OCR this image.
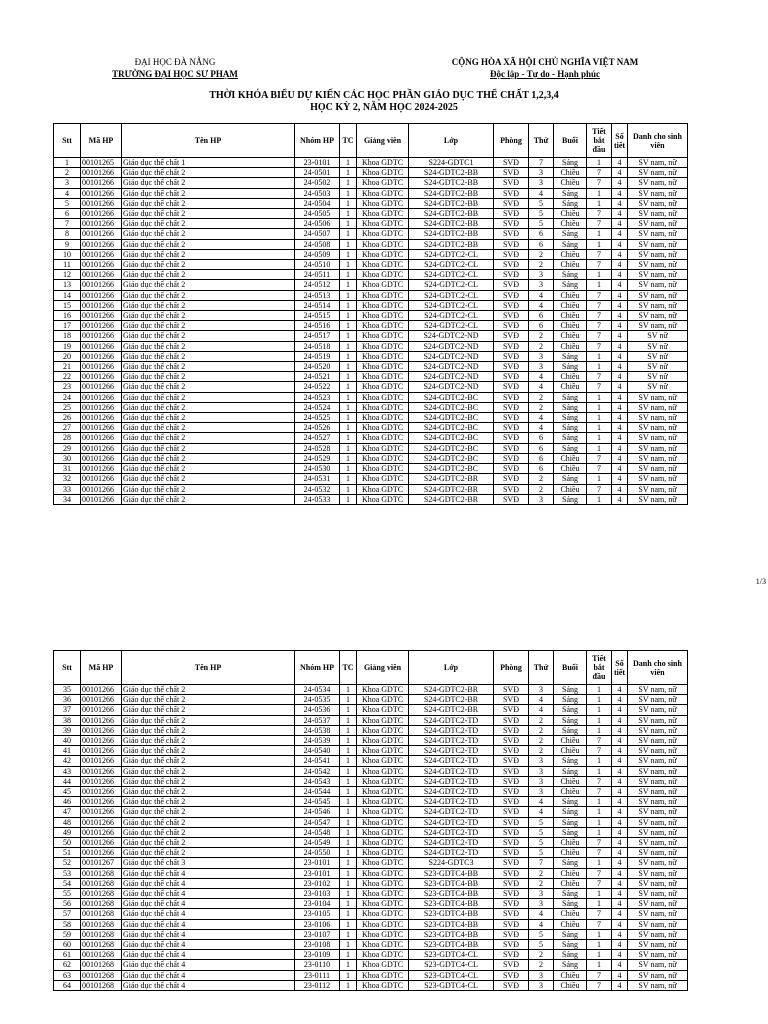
ĐẠI HỌC ĐÀ NẴNG
TRƯỜNG ĐẠI HỌC SƯ PHẠM
CỘNG HÒA XÃ HỘI CHỦ NGHĨA VIỆT NAM
Độc lập - Tự do - Hạnh phúc
THỜI KHÓA BIỂU DỰ KIẾN CÁC HỌC PHẦN GIÁO DỤC THỂ CHẤT 1,2,3,4
HỌC KỲ 2, NĂM HỌC 2024-2025
Stt	Mã HP	Tên HP	Nhóm HP	TC	Giảng viên	Lớp	Phòng	Thứ	Buổi	Tiết bắt đầu	Số tiết	Danh cho sinh viên
1	00101265	Giáo dục thể chất 1	23-0101	1	Khoa GDTC	S224-GDTC1	SVĐ	7	Sáng	1	4	SV nam, nữ
2	00101266	Giáo dục thể chất 2	24-0501	1	Khoa GDTC	S24-GDTC2-BB	SVĐ	3	Chiều	7	4	SV nam, nữ
3	00101266	Giáo dục thể chất 2	24-0502	1	Khoa GDTC	S24-GDTC2-BB	SVĐ	3	Chiều	7	4	SV nam, nữ
4	00101266	Giáo dục thể chất 2	24-0503	1	Khoa GDTC	S24-GDTC2-BB	SVĐ	4	Sáng	1	4	SV nam, nữ
5	00101266	Giáo dục thể chất 2	24-0504	1	Khoa GDTC	S24-GDTC2-BB	SVĐ	5	Sáng	1	4	SV nam, nữ
6	00101266	Giáo dục thể chất 2	24-0505	1	Khoa GDTC	S24-GDTC2-BB	SVĐ	5	Chiều	7	4	SV nam, nữ
7	00101266	Giáo dục thể chất 2	24-0506	1	Khoa GDTC	S24-GDTC2-BB	SVĐ	5	Chiều	7	4	SV nam, nữ
8	00101266	Giáo dục thể chất 2	24-0507	1	Khoa GDTC	S24-GDTC2-BB	SVĐ	6	Sáng	1	4	SV nam, nữ
9	00101266	Giáo dục thể chất 2	24-0508	1	Khoa GDTC	S24-GDTC2-BB	SVĐ	6	Sáng	1	4	SV nam, nữ
10	00101266	Giáo dục thể chất 2	24-0509	1	Khoa GDTC	S24-GDTC2-CL	SVĐ	2	Chiều	7	4	SV nam, nữ
11	00101266	Giáo dục thể chất 2	24-0510	1	Khoa GDTC	S24-GDTC2-CL	SVĐ	2	Chiều	7	4	SV nam, nữ
12	00101266	Giáo dục thể chất 2	24-0511	1	Khoa GDTC	S24-GDTC2-CL	SVĐ	3	Sáng	1	4	SV nam, nữ
13	00101266	Giáo dục thể chất 2	24-0512	1	Khoa GDTC	S24-GDTC2-CL	SVĐ	3	Sáng	1	4	SV nam, nữ
14	00101266	Giáo dục thể chất 2	24-0513	1	Khoa GDTC	S24-GDTC2-CL	SVĐ	4	Chiều	7	4	SV nam, nữ
15	00101266	Giáo dục thể chất 2	24-0514	1	Khoa GDTC	S24-GDTC2-CL	SVĐ	4	Chiều	7	4	SV nam, nữ
16	00101266	Giáo dục thể chất 2	24-0515	1	Khoa GDTC	S24-GDTC2-CL	SVĐ	6	Chiều	7	4	SV nam, nữ
17	00101266	Giáo dục thể chất 2	24-0516	1	Khoa GDTC	S24-GDTC2-CL	SVĐ	6	Chiều	7	4	SV nam, nữ
18	00101266	Giáo dục thể chất 2	24-0517	1	Khoa GDTC	S24-GDTC2-ND	SVĐ	2	Chiều	7	4	SV nữ
19	00101266	Giáo dục thể chất 2	24-0518	1	Khoa GDTC	S24-GDTC2-ND	SVĐ	2	Chiều	7	4	SV nữ
20	00101266	Giáo dục thể chất 2	24-0519	1	Khoa GDTC	S24-GDTC2-ND	SVĐ	3	Sáng	1	4	SV nữ
21	00101266	Giáo dục thể chất 2	24-0520	1	Khoa GDTC	S24-GDTC2-ND	SVĐ	3	Sáng	1	4	SV nữ
22	00101266	Giáo dục thể chất 2	24-0521	1	Khoa GDTC	S24-GDTC2-ND	SVĐ	4	Chiều	7	4	SV nữ
23	00101266	Giáo dục thể chất 2	24-0522	1	Khoa GDTC	S24-GDTC2-ND	SVĐ	4	Chiều	7	4	SV nữ
24	00101266	Giáo dục thể chất 2	24-0523	1	Khoa GDTC	S24-GDTC2-BC	SVĐ	2	Sáng	1	4	SV nam, nữ
25	00101266	Giáo dục thể chất 2	24-0524	1	Khoa GDTC	S24-GDTC2-BC	SVĐ	2	Sáng	1	4	SV nam, nữ
26	00101266	Giáo dục thể chất 2	24-0525	1	Khoa GDTC	S24-GDTC2-BC	SVĐ	4	Sáng	1	4	SV nam, nữ
27	00101266	Giáo dục thể chất 2	24-0526	1	Khoa GDTC	S24-GDTC2-BC	SVĐ	4	Sáng	1	4	SV nam, nữ
28	00101266	Giáo dục thể chất 2	24-0527	1	Khoa GDTC	S24-GDTC2-BC	SVĐ	6	Sáng	1	4	SV nam, nữ
29	00101266	Giáo dục thể chất 2	24-0528	1	Khoa GDTC	S24-GDTC2-BC	SVĐ	6	Sáng	1	4	SV nam, nữ
30	00101266	Giáo dục thể chất 2	24-0529	1	Khoa GDTC	S24-GDTC2-BC	SVĐ	6	Chiều	7	4	SV nam, nữ
31	00101266	Giáo dục thể chất 2	24-0530	1	Khoa GDTC	S24-GDTC2-BC	SVĐ	6	Chiều	7	4	SV nam, nữ
32	00101266	Giáo dục thể chất 2	24-0531	1	Khoa GDTC	S24-GDTC2-BR	SVĐ	2	Sáng	1	4	SV nam, nữ
33	00101266	Giáo dục thể chất 2	24-0532	1	Khoa GDTC	S24-GDTC2-BR	SVĐ	2	Chiều	7	4	SV nam, nữ
34	00101266	Giáo dục thể chất 2	24-0533	1	Khoa GDTC	S24-GDTC2-BR	SVĐ	3	Sáng	1	4	SV nam, nữ
1/3
Stt	Mã HP	Tên HP	Nhóm HP	TC	Giảng viên	Lớp	Phòng	Thứ	Buổi	Tiết bắt đầu	Số tiết	Danh cho sinh viên
35	00101266	Giáo dục thể chất 2	24-0534	1	Khoa GDTC	S24-GDTC2-BR	SVĐ	3	Sáng	1	4	SV nam, nữ
36	00101266	Giáo dục thể chất 2	24-0535	1	Khoa GDTC	S24-GDTC2-BR	SVĐ	4	Sáng	1	4	SV nam, nữ
37	00101266	Giáo dục thể chất 2	24-0536	1	Khoa GDTC	S24-GDTC2-BR	SVĐ	4	Sáng	1	4	SV nam, nữ
38	00101266	Giáo dục thể chất 2	24-0537	1	Khoa GDTC	S24-GDTC2-TD	SVĐ	2	Sáng	1	4	SV nam, nữ
39	00101266	Giáo dục thể chất 2	24-0538	1	Khoa GDTC	S24-GDTC2-TD	SVĐ	2	Sáng	1	4	SV nam, nữ
40	00101266	Giáo dục thể chất 2	24-0539	1	Khoa GDTC	S24-GDTC2-TD	SVĐ	2	Chiều	7	4	SV nam, nữ
41	00101266	Giáo dục thể chất 2	24-0540	1	Khoa GDTC	S24-GDTC2-TD	SVĐ	2	Chiều	7	4	SV nam, nữ
42	00101266	Giáo dục thể chất 2	24-0541	1	Khoa GDTC	S24-GDTC2-TD	SVĐ	3	Sáng	1	4	SV nam, nữ
43	00101266	Giáo dục thể chất 2	24-0542	1	Khoa GDTC	S24-GDTC2-TD	SVĐ	3	Sáng	1	4	SV nam, nữ
44	00101266	Giáo dục thể chất 2	24-0543	1	Khoa GDTC	S24-GDTC2-TD	SVĐ	3	Chiều	7	4	SV nam, nữ
45	00101266	Giáo dục thể chất 2	24-0544	1	Khoa GDTC	S24-GDTC2-TD	SVĐ	3	Chiều	7	4	SV nam, nữ
46	00101266	Giáo dục thể chất 2	24-0545	1	Khoa GDTC	S24-GDTC2-TD	SVĐ	4	Sáng	1	4	SV nam, nữ
47	00101266	Giáo dục thể chất 2	24-0546	1	Khoa GDTC	S24-GDTC2-TD	SVĐ	4	Sáng	1	4	SV nam, nữ
48	00101266	Giáo dục thể chất 2	24-0547	1	Khoa GDTC	S24-GDTC2-TD	SVĐ	5	Sáng	1	4	SV nam, nữ
49	00101266	Giáo dục thể chất 2	24-0548	1	Khoa GDTC	S24-GDTC2-TD	SVĐ	5	Sáng	1	4	SV nam, nữ
50	00101266	Giáo dục thể chất 2	24-0549	1	Khoa GDTC	S24-GDTC2-TD	SVĐ	5	Chiều	7	4	SV nam, nữ
51	00101266	Giáo dục thể chất 2	24-0550	1	Khoa GDTC	S24-GDTC2-TD	SVĐ	5	Chiều	7	4	SV nam, nữ
52	00101267	Giáo dục thể chất 3	23-0101	1	Khoa GDTC	S224-GDTC3	SVĐ	7	Sáng	1	4	SV nam, nữ
53	00101268	Giáo dục thể chất 4	23-0101	1	Khoa GDTC	S23-GDTC4-BB	SVĐ	2	Chiều	7	4	SV nam, nữ
54	00101268	Giáo dục thể chất 4	23-0102	1	Khoa GDTC	S23-GDTC4-BB	SVĐ	2	Chiều	7	4	SV nam, nữ
55	00101268	Giáo dục thể chất 4	23-0103	1	Khoa GDTC	S23-GDTC4-BB	SVĐ	3	Sáng	1	4	SV nam, nữ
56	00101268	Giáo dục thể chất 4	23-0104	1	Khoa GDTC	S23-GDTC4-BB	SVĐ	3	Sáng	1	4	SV nam, nữ
57	00101268	Giáo dục thể chất 4	23-0105	1	Khoa GDTC	S23-GDTC4-BB	SVĐ	4	Chiều	7	4	SV nam, nữ
58	00101268	Giáo dục thể chất 4	23-0106	1	Khoa GDTC	S23-GDTC4-BB	SVĐ	4	Chiều	7	4	SV nam, nữ
59	00101268	Giáo dục thể chất 4	23-0107	1	Khoa GDTC	S23-GDTC4-BB	SVĐ	5	Sáng	1	4	SV nam, nữ
60	00101268	Giáo dục thể chất 4	23-0108	1	Khoa GDTC	S23-GDTC4-BB	SVĐ	5	Sáng	1	4	SV nam, nữ
61	00101268	Giáo dục thể chất 4	23-0109	1	Khoa GDTC	S23-GDTC4-CL	SVĐ	2	Sáng	1	4	SV nam, nữ
62	00101268	Giáo dục thể chất 4	23-0110	1	Khoa GDTC	S23-GDTC4-CL	SVĐ	2	Sáng	1	4	SV nam, nữ
63	00101268	Giáo dục thể chất 4	23-0111	1	Khoa GDTC	S23-GDTC4-CL	SVĐ	3	Chiều	7	4	SV nam, nữ
64	00101268	Giáo dục thể chất 4	23-0112	1	Khoa GDTC	S23-GDTC4-CL	SVĐ	3	Chiều	7	4	SV nam, nữ
